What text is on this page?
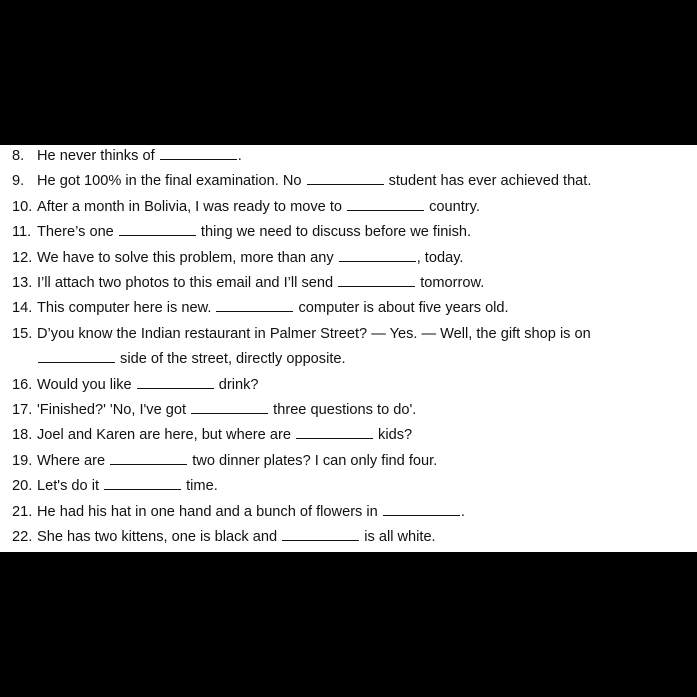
8. He never thinks of	.
9. He got 100% in the final examination. No	student has ever achieved that.
10. After a month in Bolivia, I was ready to move to	country.
11. There’s one	thing we need to discuss before we finish.
12. We have to solve this problem, more than any	, today.
13. I’ll attach two photos to this email and I’ll send	tomorrow.
14. This computer here is new.	computer is about five years old.
15. D’you know the Indian restaurant in Palmer Street? — Yes. — Well, the gift shop is on
side of the street, directly opposite.
16. Would you like	drink?
17. 'Finished?' 'No, I've got	three questions to do'.
18. Joel and Karen are here, but where are	kids?
19. Where are	two dinner plates? I can only find four.
20. Let's do it	time.
21. He had his hat in one hand and a bunch of flowers in	.
22. She has two kittens, one is black and	is all white.
